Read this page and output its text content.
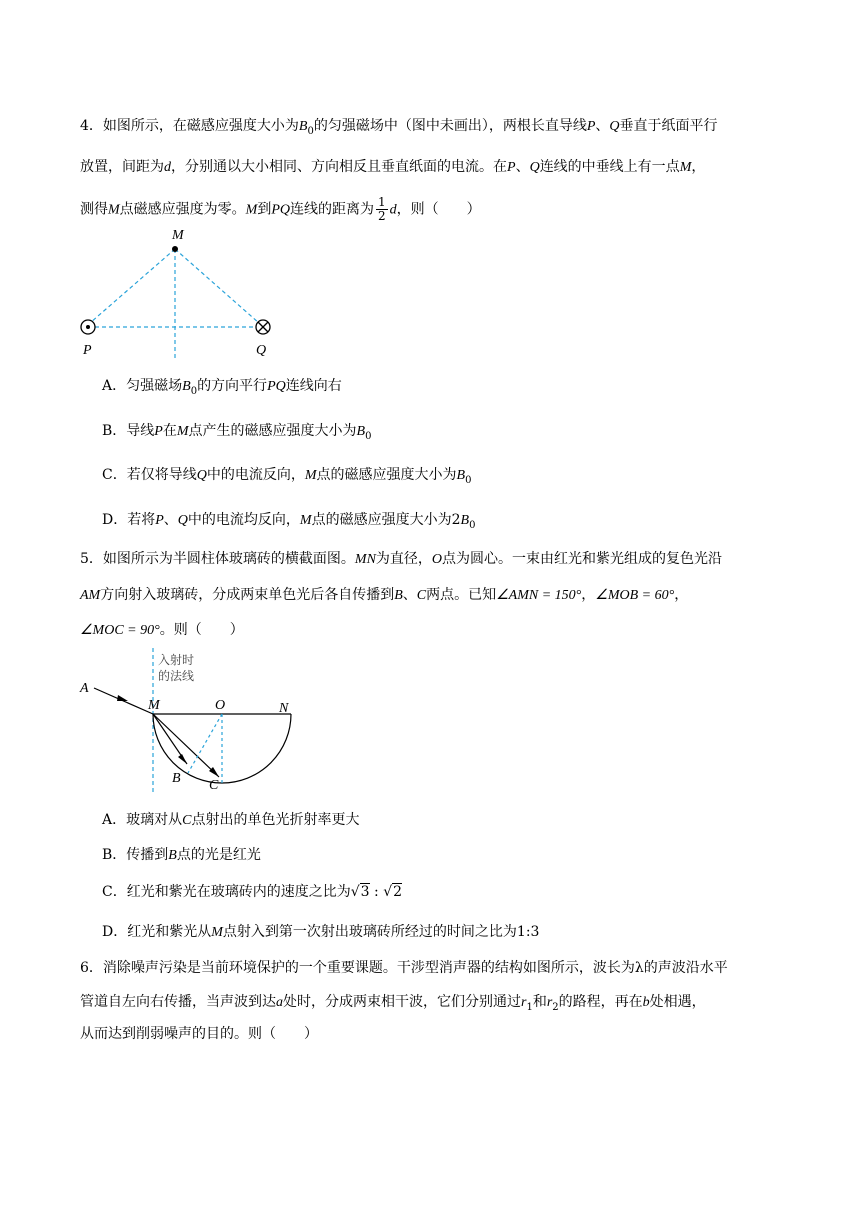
4．如图所示，在磁感应强度大小为$B_0$的匀强磁场中（图中未画出），两根长直导线P、Q垂直于纸面平行
放置，间距为d，分别通以大小相同、方向相反且垂直纸面的电流。在P、Q连线的中垂线上有一点M，
测得M点磁感应强度为零。M到PQ连线的距离为 $\frac{1}{2}$ d，则（　　）
M
P	Q
A．匀强磁场$B_0$的方向平行PQ连线向右
B．导线P在M点产生的磁感应强度大小为$B_0$
C．若仅将导线Q中的电流反向，M点的磁感应强度大小为$B_0$
D．若将P、Q中的电流均反向，M点的磁感应强度大小为$2B_0$
5．如图所示为半圆柱体玻璃砖的横截面图。MN为直径，O点为圆心。一束由红光和紫光组成的复色光沿
AM方向射入玻璃砖，分成两束单色光后各自传播到B、C两点。已知∠AMN = 150°，∠MOB = 60°，
∠MOC = 90°。则（　　）
入射时
的法线
A
M	O	N
B C
A．玻璃对从C点射出的单色光折射率更大
B．传播到B点的光是红光
C．红光和紫光在玻璃砖内的速度之比为√3 : √2
D．红光和紫光从M点射入到第一次射出玻璃砖所经过的时间之比为1:3
6．消除噪声污染是当前环境保护的一个重要课题。干涉型消声器的结构如图所示，波长为λ的声波沿水平
管道自左向右传播，当声波到达a处时，分成两束相干波，它们分别通过$r_1$和$r_2$的路程，再在b处相遇，
从而达到削弱噪声的目的。则（　　）
